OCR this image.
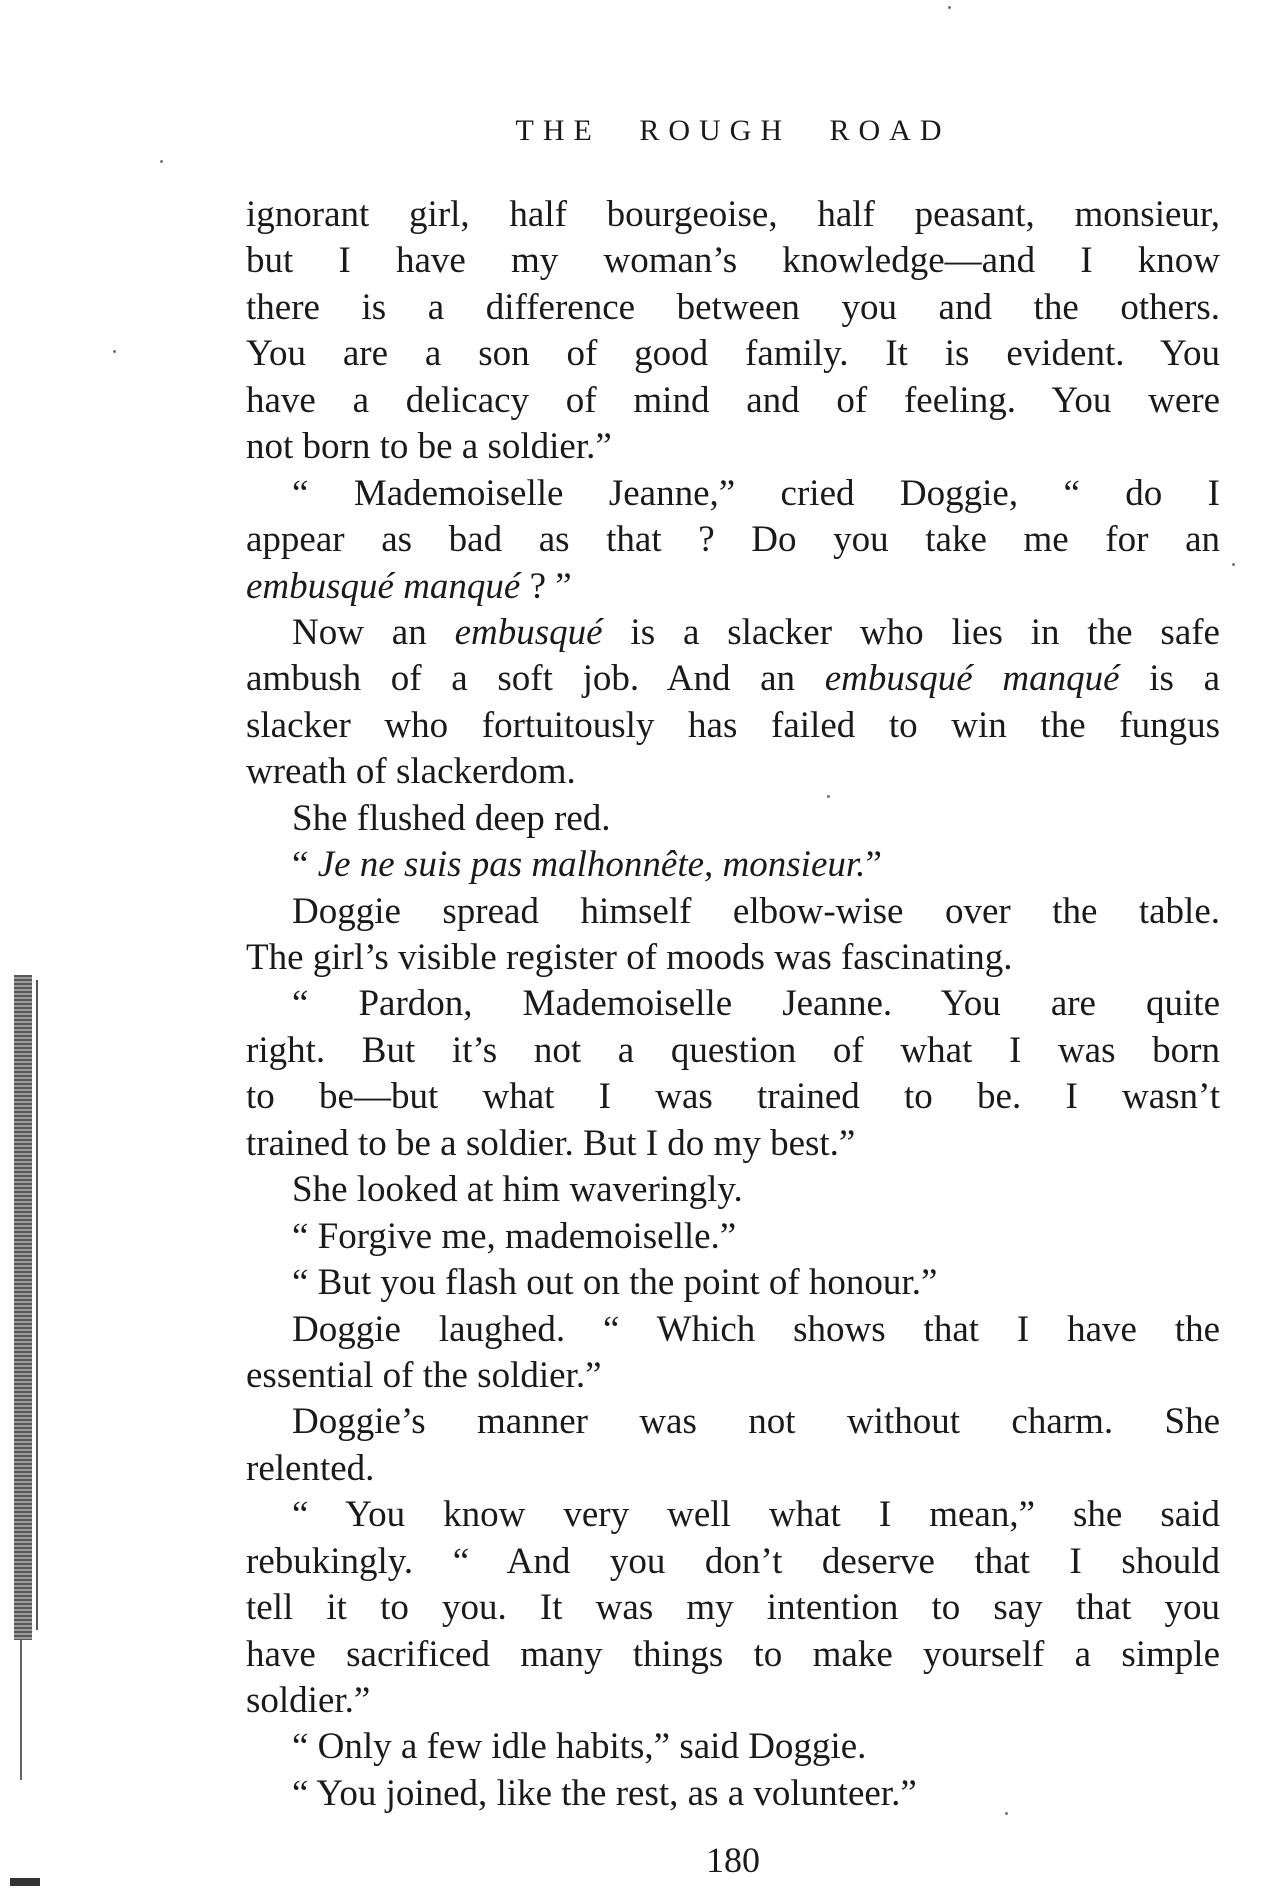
THE ROUGH ROAD
ignorant girl, half bourgeoise, half peasant, monsieur,
but I have my woman’s knowledge—and I know
there is a difference between you and the others.
You are a son of good family. It is evident. You
have a delicacy of mind and of feeling. You were
not born to be a soldier.”
“ Mademoiselle Jeanne,” cried Doggie, “ do I
appear as bad as that ? Do you take me for an
embusqué manqué ? ”
Now an embusqué is a slacker who lies in the safe
ambush of a soft job. And an embusqué manqué is a
slacker who fortuitously has failed to win the fungus
wreath of slackerdom.
She flushed deep red.
“ Je ne suis pas malhonnête, monsieur.”
Doggie spread himself elbow-wise over the table.
The girl’s visible register of moods was fascinating.
“ Pardon, Mademoiselle Jeanne. You are quite
right. But it’s not a question of what I was born
to be—but what I was trained to be. I wasn’t
trained to be a soldier. But I do my best.”
She looked at him waveringly.
“ Forgive me, mademoiselle.”
“ But you flash out on the point of honour.”
Doggie laughed. “ Which shows that I have the
essential of the soldier.”
Doggie’s manner was not without charm. She
relented.
“ You know very well what I mean,” she said
rebukingly. “ And you don’t deserve that I should
tell it to you. It was my intention to say that you
have sacrificed many things to make yourself a simple
soldier.”
“ Only a few idle habits,” said Doggie.
“ You joined, like the rest, as a volunteer.”
180
